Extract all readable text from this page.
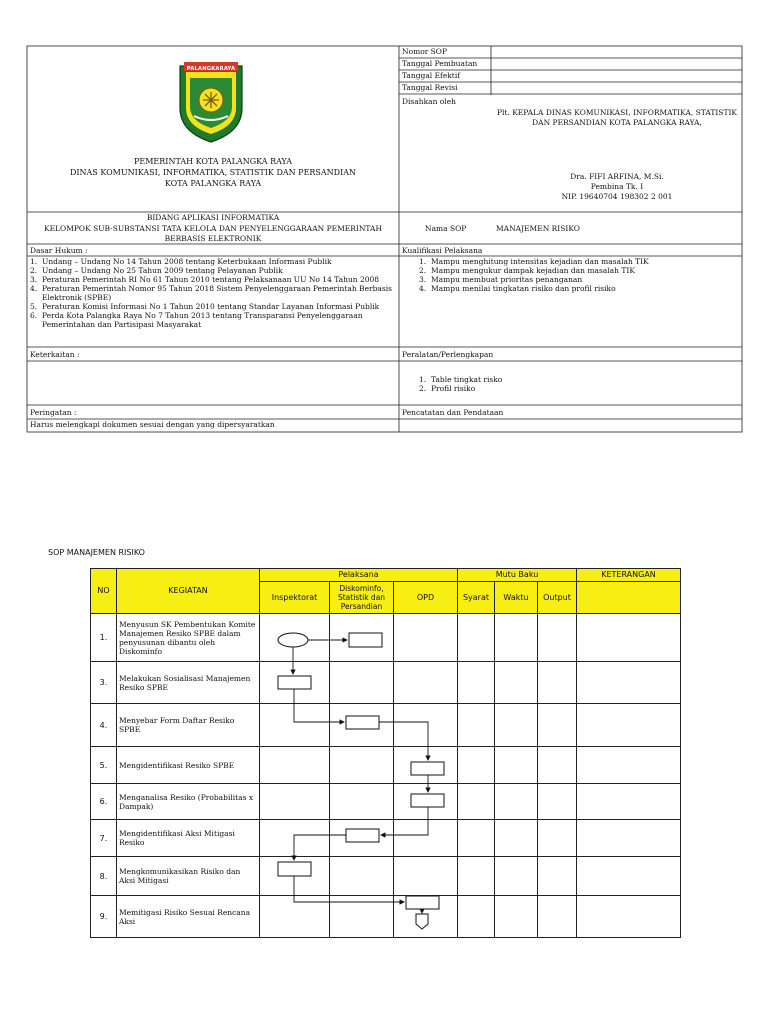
PALANGKARAYA
PEMERINTAH KOTA PALANGKA RAYA
DINAS KOMUNIKASI, INFORMATIKA, STATISTIK DAN PERSANDIAN
KOTA PALANGKA RAYA
Nomor SOP
Tanggal Pembuatan
Tanggal Efektif
Tanggal Revisi
Disahkan oleh
Plt. KEPALA DINAS KOMUNIKASI, INFORMATIKA, STATISTIK
DAN PERSANDIAN KOTA PALANGKA RAYA,
Dra. FIFI ARFINA, M.Si.
Pembina Tk. I
NIP. 19640704 198302 2 001
BIDANG APLIKASI INFORMATIKA
KELOMPOK SUB-SUBSTANSI TATA KELOLA DAN PENYELENGGARAAN PEMERINTAH
BERBASIS ELEKTRONIK
Nama SOP	MANAJEMEN RISIKO
Dasar Hukum :
1. Undang – Undang No 14 Tahun 2008 tentang Keterbukaan Informasi Publik
2. Undang – Undang No 25 Tahun 2009 tentang Pelayanan Publik
3. Peraturan Pemerintah RI No 61 Tahun 2010 tentang Pelaksanaan UU No 14 Tahun 2008
4. Peraturan Pemerintah Nomor 95 Tahun 2018 Sistem Penyelenggaraan Pemerintah Berbasis Elektronik (SPBE)
5. Peraturan Komisi Informasi No 1 Tahun 2010 tentang Standar Layanan Informasi Publik
6. Perda Kota Palangka Raya No 7 Tahun 2013 tentang Transparansi Penyelenggaraan Pemerintahan dan Partisipasi Masyarakat
Kualifikasi Pelaksana
1. Mampu menghitung intensitas kejadian dan masalah TIK
2. Mampu mengukur dampak kejadian dan masalah TIK
3. Mampu membuat prioritas penanganan
4. Mampu menilai tingkatan risiko dan profil risiko
Keterkaitan :	Peralatan/Perlengkapan
1. Table tingkat risko
2. Profil risiko
Peringatan :
Harus melengkapi dokumen sesuai dengan yang dipersyaratkan
Pencatatan dan Pendataan
SOP MANAJEMEN RISIKO
NO	KEGIATAN	Pelaksana			Mutu Baku			KETERANGAN
		Inspektorat	Diskominfo, Statistik dan Persandian	OPD	Syarat	Waktu	Output	
1.	Menyusun SK Pembentukan Komite Manajemen Resiko SPBE dalam penyusunan dibantu oleh Diskominfo							
3.	Melakukan Sosialisasi Manajemen Resiko SPBE							
4.	Menyebar Form Daftar Resiko SPBE							
5.	Mengidentifikasi Resiko SPBE							
6.	Menganalisa Resiko (Probabilitas x Dampak)							
7.	Mengidentifikasi Aksi Mitigasi Resiko							
8.	Mengkomunikasikan Risiko dan Aksi Mitigasi							
9.	Memitigasi Risiko Sesuai Rencana Aksi							
